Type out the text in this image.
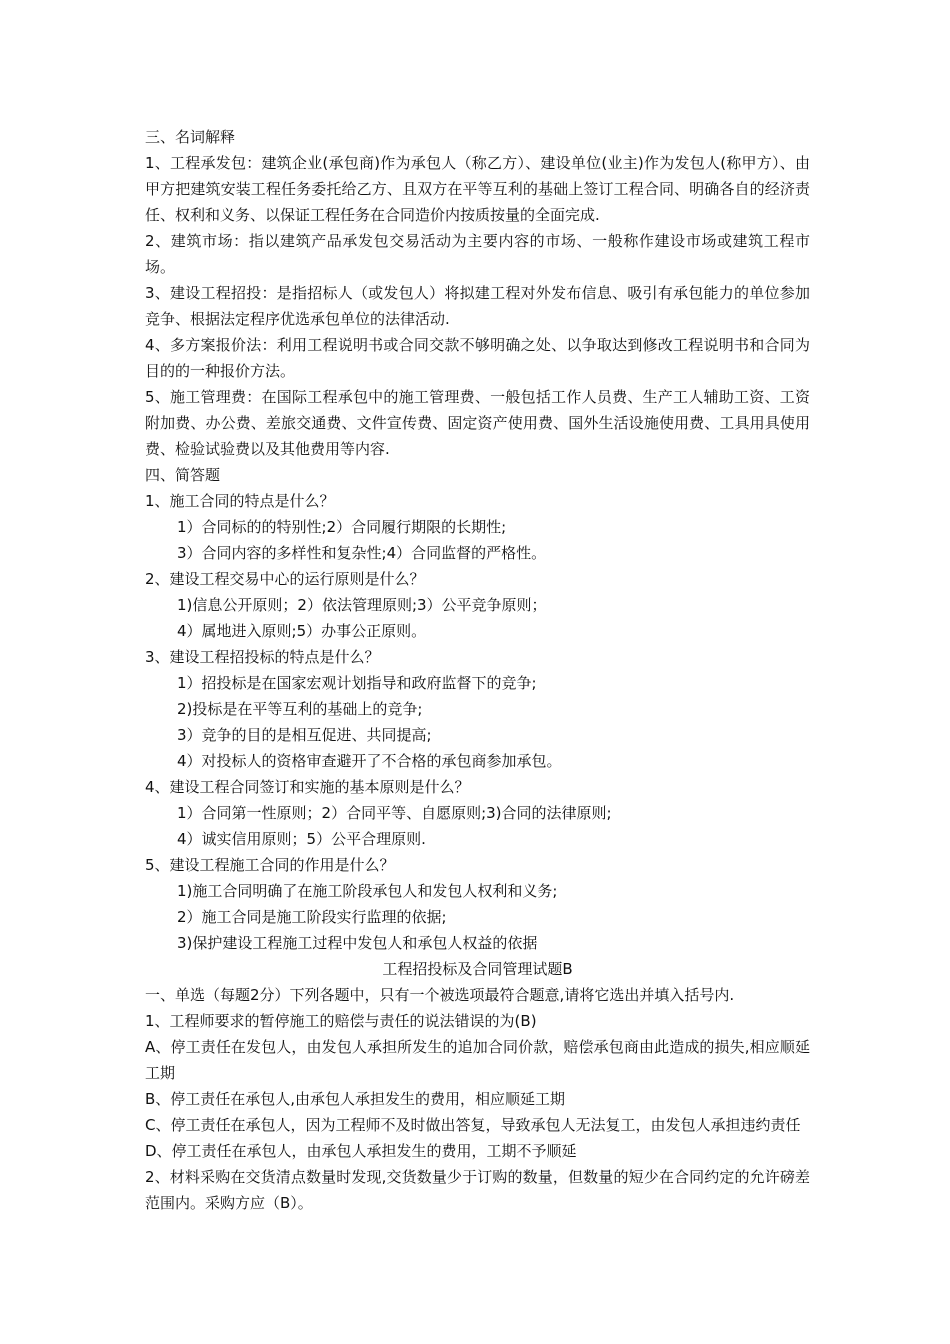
三、名词解释

1、工程承发包：建筑企业(承包商)作为承包人（称乙方）、建设单位(业主)作为发包人(称甲方）、由甲方把建筑安装工程任务委托给乙方、且双方在平等互利的基础上签订工程合同、明确各自的经济责任、权利和义务、以保证工程任务在合同造价内按质按量的全面完成.

2、建筑市场：指以建筑产品承发包交易活动为主要内容的市场、一般称作建设市场或建筑工程市场。

3、建设工程招投：是指招标人（或发包人）将拟建工程对外发布信息、吸引有承包能力的单位参加竞争、根据法定程序优选承包单位的法律活动.

4、多方案报价法：利用工程说明书或合同交款不够明确之处、以争取达到修改工程说明书和合同为目的的一种报价方法。

5、施工管理费：在国际工程承包中的施工管理费、一般包括工作人员费、生产工人辅助工资、工资附加费、办公费、差旅交通费、文件宣传费、固定资产使用费、国外生活设施使用费、工具用具使用费、检验试验费以及其他费用等内容.

四、简答题

1、施工合同的特点是什么？

1）合同标的的特别性;2）合同履行期限的长期性;

3）合同内容的多样性和复杂性;4）合同监督的严格性。

2、建设工程交易中心的运行原则是什么？

1)信息公开原则；2）依法管理原则;3）公平竞争原则；

4）属地进入原则;5）办事公正原则。

3、建设工程招投标的特点是什么？

1）招投标是在国家宏观计划指导和政府监督下的竞争;

2)投标是在平等互利的基础上的竞争;

3）竞争的目的是相互促进、共同提高;

4）对投标人的资格审查避开了不合格的承包商参加承包。

4、建设工程合同签订和实施的基本原则是什么？

1）合同第一性原则；2）合同平等、自愿原则;3)合同的法律原则;

4）诚实信用原则；5）公平合理原则.

5、建设工程施工合同的作用是什么？

1)施工合同明确了在施工阶段承包人和发包人权利和义务;

2）施工合同是施工阶段实行监理的依据;

3)保护建设工程施工过程中发包人和承包人权益的依据

工程招投标及合同管理试题B

一、单选（每题2分）下列各题中，只有一个被选项最符合题意,请将它选出并填入括号内.

1、工程师要求的暂停施工的赔偿与责任的说法错误的为(B)

A、停工责任在发包人，由发包人承担所发生的追加合同价款，赔偿承包商由此造成的损失,相应顺延工期

B、停工责任在承包人,由承包人承担发生的费用，相应顺延工期

C、停工责任在承包人，因为工程师不及时做出答复，导致承包人无法复工，由发包人承担违约责任

D、停工责任在承包人，由承包人承担发生的费用，工期不予顺延

2、材料采购在交货清点数量时发现,交货数量少于订购的数量，但数量的短少在合同约定的允许磅差范围内。采购方应（B）。
